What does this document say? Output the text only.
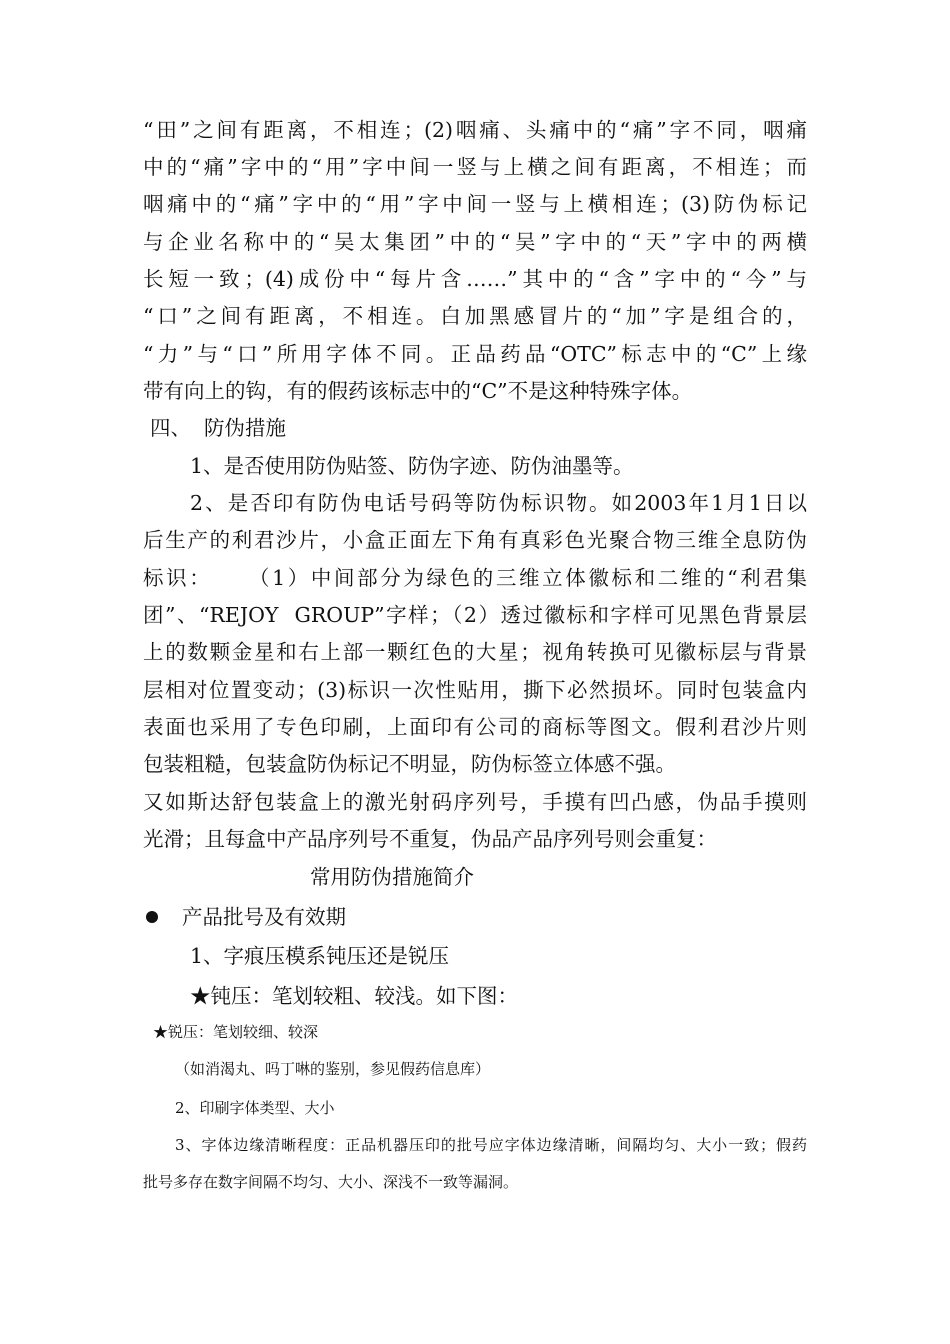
“田”之间有距离，不相连；(2)咽痛、头痛中的“痛”字不同，咽痛
中的“痛”字中的“用”字中间一竖与上横之间有距离，不相连；而
咽痛中的“痛”字中的“用”字中间一竖与上横相连；(3)防伪标记
与企业名称中的“吴太集团”中的“吴”字中的“天”字中的两横
长短一致；(4)成份中“每片含……”其中的“含”字中的“今”与
“口”之间有距离，不相连。白加黑感冒片的“加”字是组合的，
“力”与“口”所用字体不同。正品药品“OTC”标志中的“C”上缘
带有向上的钩，有的假药该标志中的“C”不是这种特殊字体。
四、  防伪措施
1、是否使用防伪贴签、防伪字迹、防伪油墨等。
2、是否印有防伪电话号码等防伪标识物。如2003年1月1日以
后生产的利君沙片，小盒正面左下角有真彩色光聚合物三维全息防伪
标识：    （1）中间部分为绿色的三维立体徽标和二维的“利君集
团”、“REJOY  GROUP”字样；（2）透过徽标和字样可见黑色背景层
上的数颗金星和右上部一颗红色的大星；视角转换可见徽标层与背景
层相对位置变动；(3)标识一次性贴用，撕下必然损坏。同时包装盒内
表面也采用了专色印刷，上面印有公司的商标等图文。假利君沙片则
包装粗糙，包装盒防伪标记不明显，防伪标签立体感不强。
又如斯达舒包装盒上的激光射码序列号，手摸有凹凸感，伪品手摸则
光滑；且每盒中产品序列号不重复，伪品产品序列号则会重复：
常用防伪措施简介
产品批号及有效期
1、字痕压模系钝压还是锐压
★钝压：笔划较粗、较浅。如下图：
★锐压：笔划较细、较深
（如消渴丸、吗丁啉的鉴别，参见假药信息库）
2、印刷字体类型、大小
3、字体边缘清晰程度：正品机器压印的批号应字体边缘清晰，间隔均匀、大小一致；假药
批号多存在数字间隔不均匀、大小、深浅不一致等漏洞。
